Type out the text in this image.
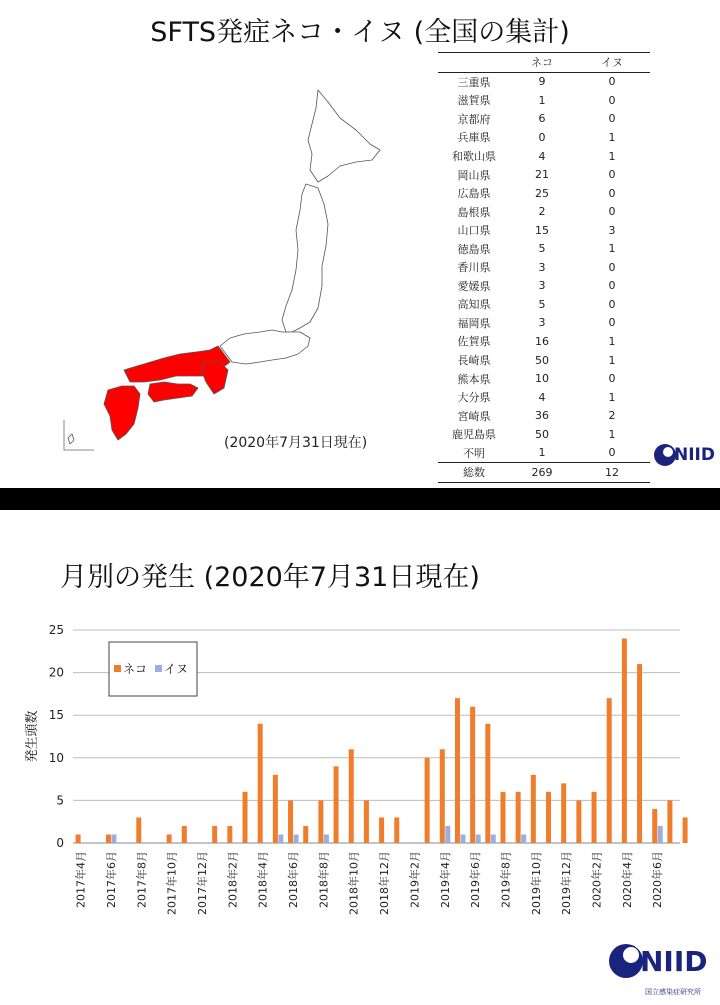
(2020年7月31日現在)
	ネコ	イヌ
三重県	9	0
滋賀県	1	0
京都府	6	0
兵庫県	0	1
和歌山県	4	1
岡山県	21	0
広島県	25	0
島根県	2	0
山口県	15	3
徳島県	5	1
香川県	3	0
愛媛県	3	0
高知県	5	0
福岡県	3	0
佐賀県	16	1
長崎県	50	1
熊本県	10	0
大分県	4	1
宮崎県	36	2
鹿児島県	50	1
不明	1	0
総数	269	12
NIID
SFTS発症ネコ・イヌ (全国の集計)
月別の発生 (2020年7月31日現在)
0
5
10
15
20
25
発生頭数
2017年4月 2017年6月 2017年8月 2017年10月 2017年12月 2018年2月 2018年4月 2018年6月 2018年8月 2018年10月 2018年12月 2019年2月 2019年4月 2019年6月 2019年8月 2019年10月 2019年12月 2020年2月 2020年4月 2020年6月
ネコ イヌ
NIID
国立感染症研究所
